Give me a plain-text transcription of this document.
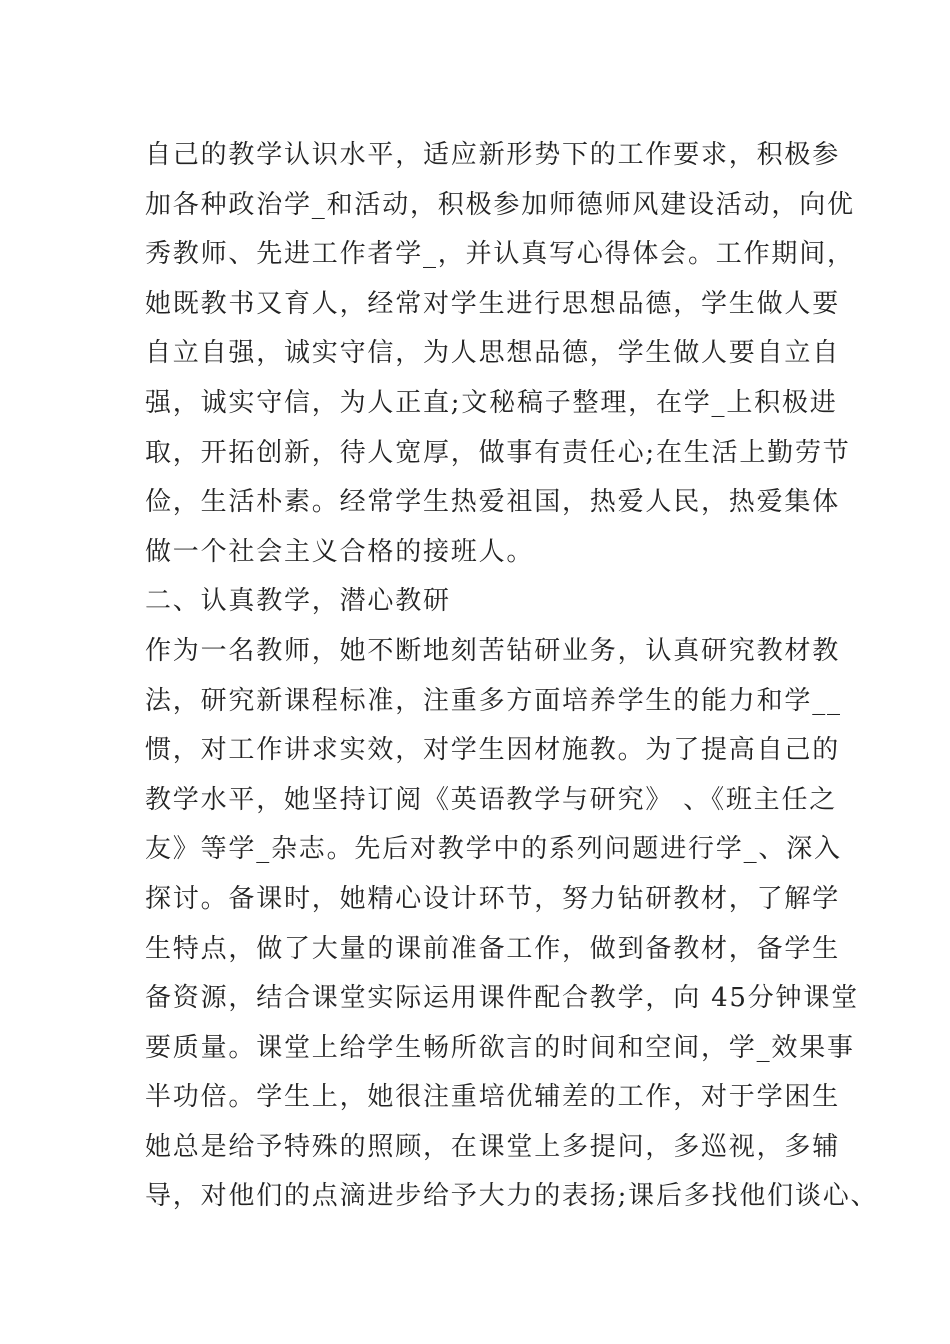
自己的教学认识水平，适应新形势下的工作要求，积极参
加各种政治学_和活动，积极参加师德师风建设活动，向优
秀教师、先进工作者学_，并认真写心得体会。工作期间，
她既教书又育人，经常对学生进行思想品德，学生做人要
自立自强，诚实守信，为人思想品德，学生做人要自立自
强，诚实守信，为人正直;文秘稿子整理，在学_上积极进
取，开拓创新，待人宽厚，做事有责任心;在生活上勤劳节
俭，生活朴素。经常学生热爱祖国，热爱人民，热爱集体
做一个社会主义合格的接班人。
二、认真教学，潜心教研
作为一名教师，她不断地刻苦钻研业务，认真研究教材教
法，研究新课程标准，注重多方面培养学生的能力和学__
惯，对工作讲求实效，对学生因材施教。为了提高自己的
教学水平，她坚持订阅《英语教学与研究》 、《班主任之
友》等学_杂志。先后对教学中的系列问题进行学_、深入
探讨。备课时，她精心设计环节，努力钻研教材，了解学
生特点，做了大量的课前准备工作，做到备教材，备学生
备资源，结合课堂实际运用课件配合教学，向 45分钟课堂
要质量。课堂上给学生畅所欲言的时间和空间，学_效果事
半功倍。学生上，她很注重培优辅差的工作，对于学困生
她总是给予特殊的照顾，在课堂上多提问，多巡视，多辅
导，对他们的点滴进步给予大力的表扬;课后多找他们谈心、
